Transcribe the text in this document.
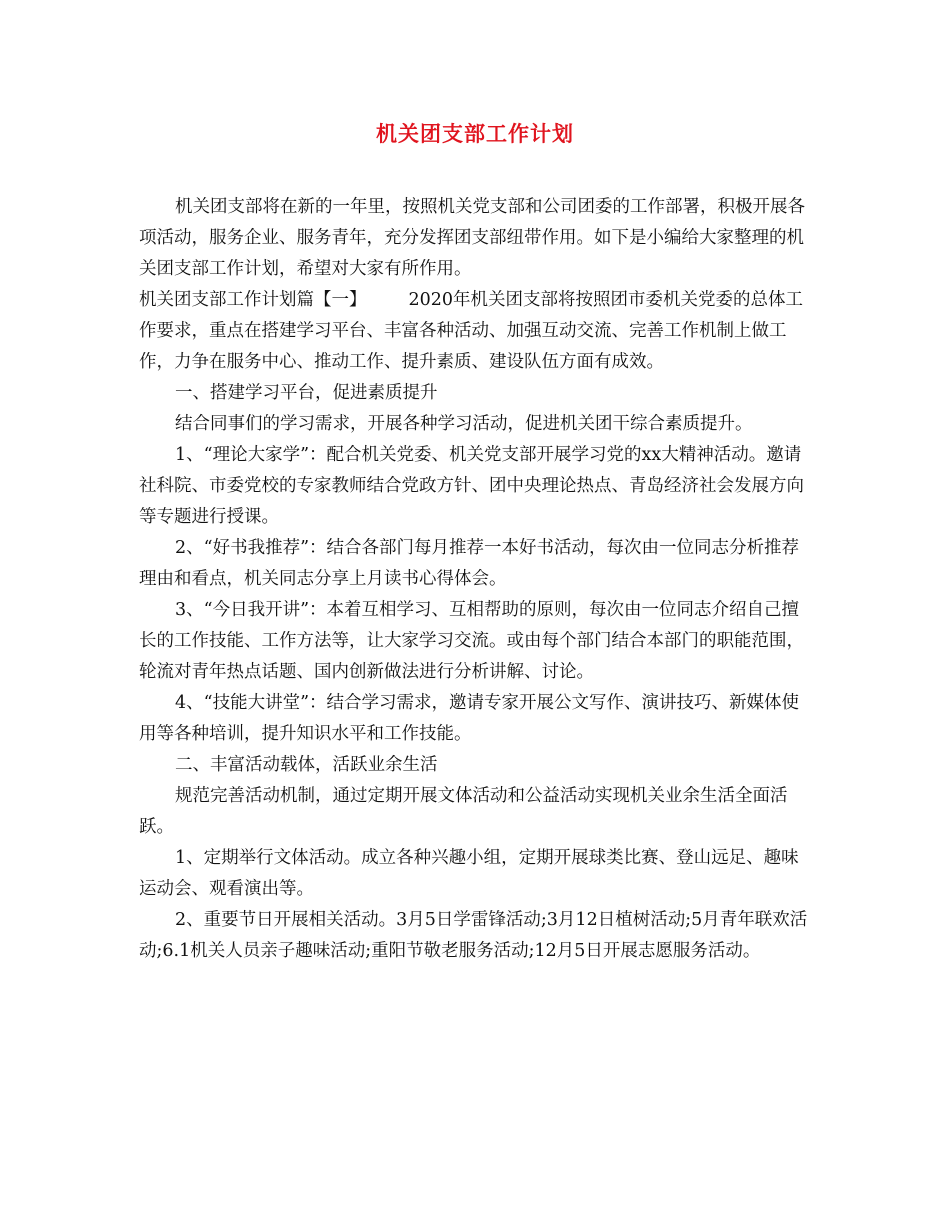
机关团支部工作计划

机关团支部将在新的一年里，按照机关党支部和公司团委的工作部署，积极开展各项活动，服务企业、服务青年，充分发挥团支部纽带作用。如下是小编给大家整理的机关团支部工作计划，希望对大家有所作用。

机关团支部工作计划篇【一】 2020年机关团支部将按照团市委机关党委的总体工作要求，重点在搭建学习平台、丰富各种活动、加强互动交流、完善工作机制上做工作，力争在服务中心、推动工作、提升素质、建设队伍方面有成效。

一、搭建学习平台，促进素质提升

结合同事们的学习需求，开展各种学习活动，促进机关团干综合素质提升。

1、“理论大家学”：配合机关党委、机关党支部开展学习党的xx大精神活动。邀请社科院、市委党校的专家教师结合党政方针、团中央理论热点、青岛经济社会发展方向等专题进行授课。

2、“好书我推荐”：结合各部门每月推荐一本好书活动，每次由一位同志分析推荐理由和看点，机关同志分享上月读书心得体会。

3、“今日我开讲”：本着互相学习、互相帮助的原则，每次由一位同志介绍自己擅长的工作技能、工作方法等，让大家学习交流。或由每个部门结合本部门的职能范围，轮流对青年热点话题、国内创新做法进行分析讲解、讨论。

4、“技能大讲堂”：结合学习需求，邀请专家开展公文写作、演讲技巧、新媒体使用等各种培训，提升知识水平和工作技能。

二、丰富活动载体，活跃业余生活

规范完善活动机制，通过定期开展文体活动和公益活动实现机关业余生活全面活跃。

1、定期举行文体活动。成立各种兴趣小组，定期开展球类比赛、登山远足、趣味运动会、观看演出等。

2、重要节日开展相关活动。3月5日学雷锋活动;3月12日植树活动;5月青年联欢活动;6.1机关人员亲子趣味活动;重阳节敬老服务活动;12月5日开展志愿服务活动。
